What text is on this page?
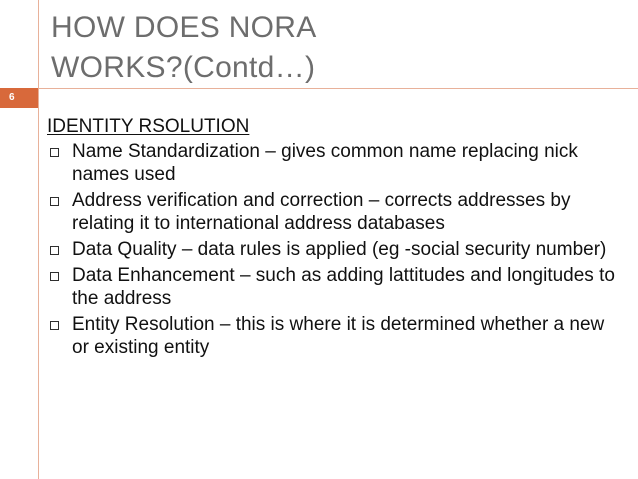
6
HOW DOES NORA
WORKS?(Contd…)
IDENTITY RSOLUTION
Name Standardization – gives common name replacing nick names used
Address verification and correction – corrects addresses by relating it to international address databases
Data Quality – data rules is applied (eg -social security number)
Data Enhancement – such as adding lattitudes and longitudes to the address
Entity Resolution – this is where it is determined whether a new or existing entity
